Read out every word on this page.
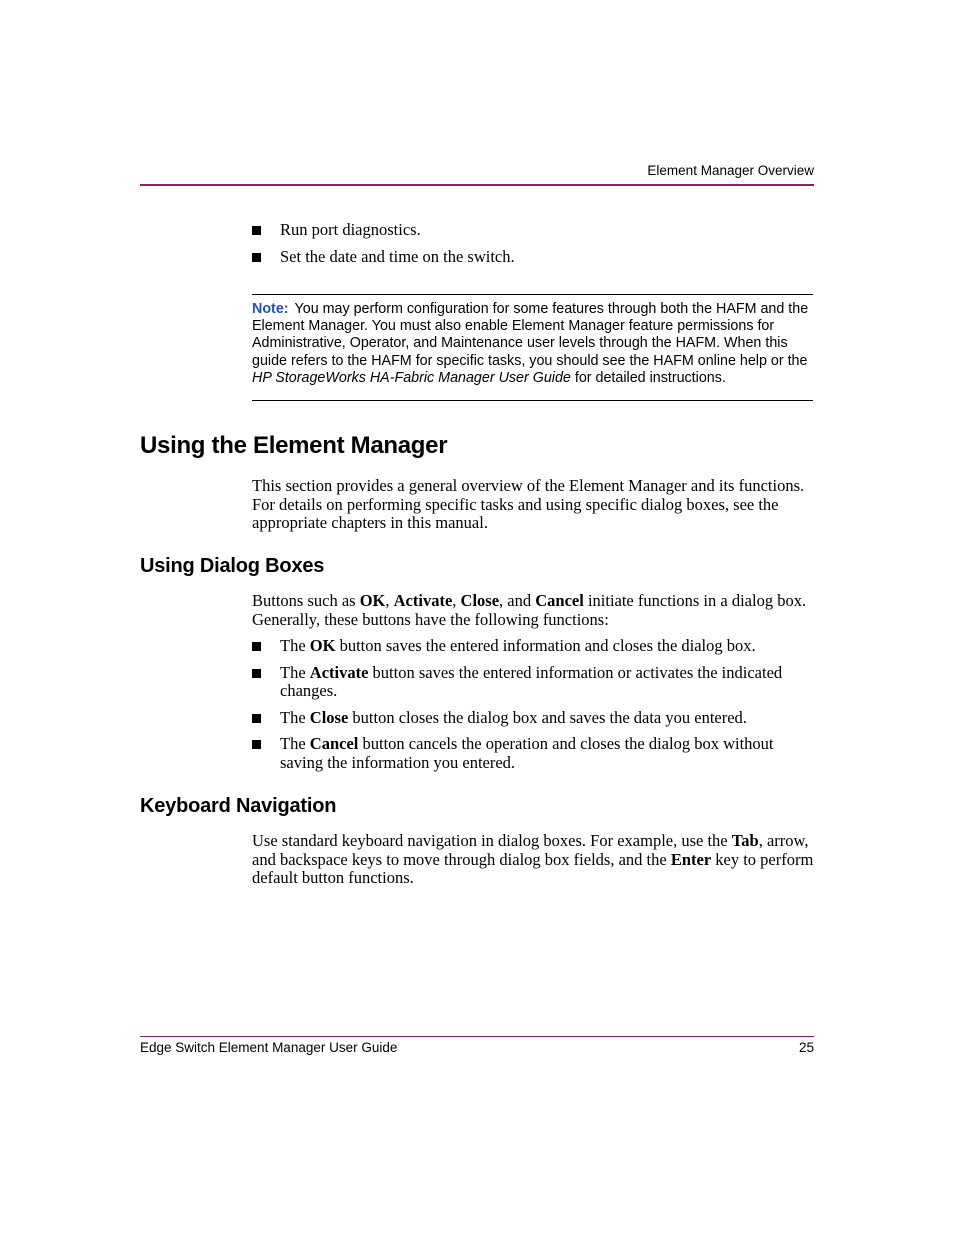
Element Manager Overview
Run port diagnostics.
Set the date and time on the switch.
Note: You may perform configuration for some features through both the HAFM and the Element Manager. You must also enable Element Manager feature permissions for Administrative, Operator, and Maintenance user levels through the HAFM. When this guide refers to the HAFM for specific tasks, you should see the HAFM online help or the HP StorageWorks HA-Fabric Manager User Guide for detailed instructions.
Using the Element Manager

This section provides a general overview of the Element Manager and its functions. For details on performing specific tasks and using specific dialog boxes, see the appropriate chapters in this manual.

Using Dialog Boxes

Buttons such as OK, Activate, Close, and Cancel initiate functions in a dialog box. Generally, these buttons have the following functions:

The OK button saves the entered information and closes the dialog box.
The Activate button saves the entered information or activates the indicated changes.
The Close button closes the dialog box and saves the data you entered.
The Cancel button cancels the operation and closes the dialog box without saving the information you entered.
Keyboard Navigation

Use standard keyboard navigation in dialog boxes. For example, use the Tab, arrow, and backspace keys to move through dialog box fields, and the Enter key to perform default button functions.

Edge Switch Element Manager User Guide	25
